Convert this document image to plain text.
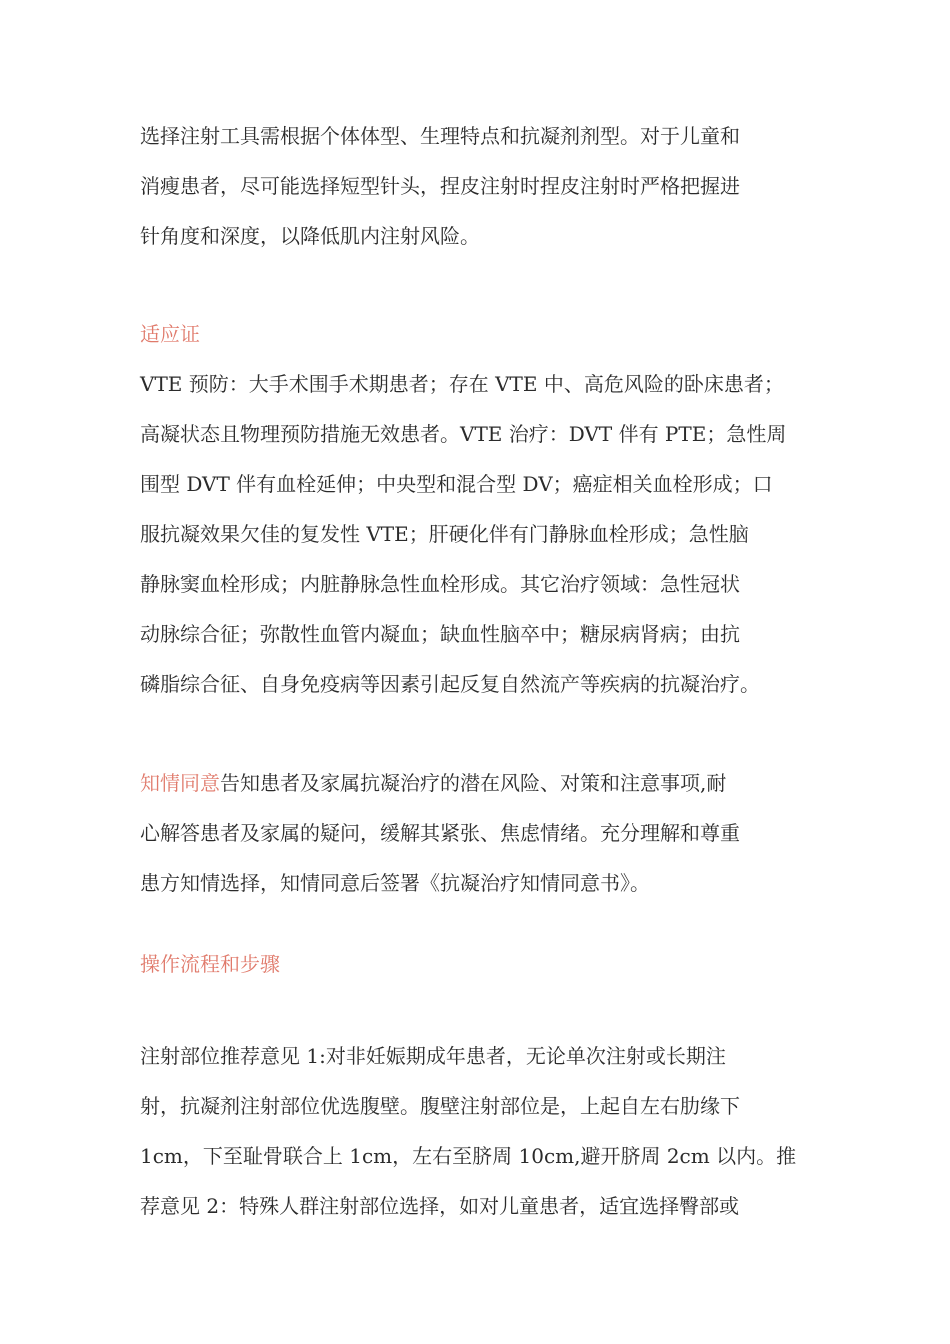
选择注射工具需根据个体体型、生理特点和抗凝剂剂型。对于儿童和
消瘦患者，尽可能选择短型针头，捏皮注射时捏皮注射时严格把握进
针角度和深度，以降低肌内注射风险。
适应证
VTE 预防：大手术围手术期患者；存在 VTE 中、高危风险的卧床患者；
高凝状态且物理预防措施无效患者。VTE 治疗：DVT 伴有 PTE；急性周
围型 DVT 伴有血栓延伸；中央型和混合型 DV；癌症相关血栓形成；口
服抗凝效果欠佳的复发性 VTE；肝硬化伴有门静脉血栓形成；急性脑
静脉窦血栓形成；内脏静脉急性血栓形成。其它治疗领域：急性冠状
动脉综合征；弥散性血管内凝血；缺血性脑卒中；糖尿病肾病；由抗
磷脂综合征、自身免疫病等因素引起反复自然流产等疾病的抗凝治疗。
知情同意告知患者及家属抗凝治疗的潜在风险、对策和注意事项,耐
心解答患者及家属的疑问，缓解其紧张、焦虑情绪。充分理解和尊重
患方知情选择，知情同意后签署《抗凝治疗知情同意书》。
操作流程和步骤
注射部位推荐意见 1:对非妊娠期成年患者，无论单次注射或长期注
射，抗凝剂注射部位优选腹壁。腹壁注射部位是，上起自左右肋缘下
1cm，下至耻骨联合上 1cm，左右至脐周 10cm,避开脐周 2cm 以内。推
荐意见 2：特殊人群注射部位选择，如对儿童患者，适宜选择臀部或
